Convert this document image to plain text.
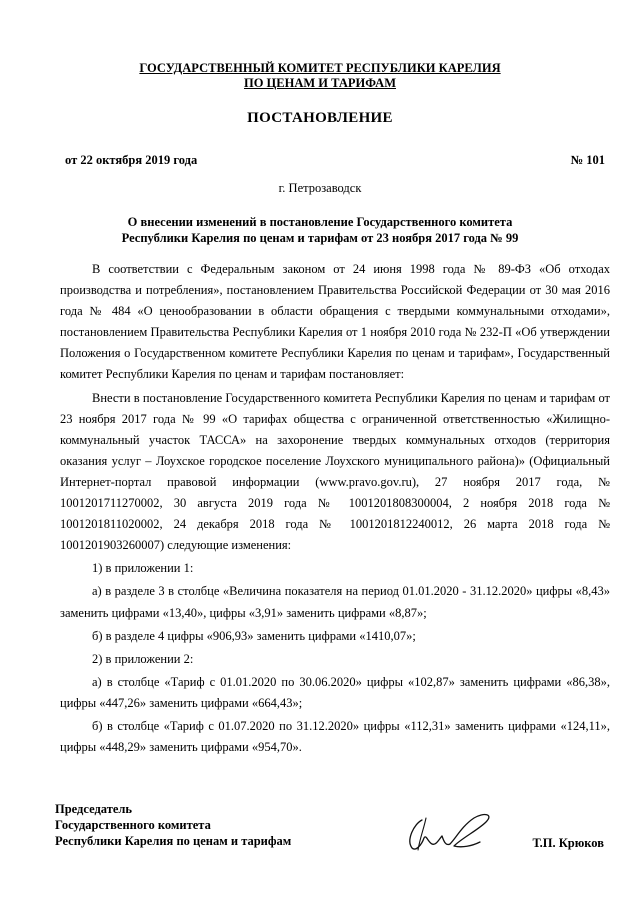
ГОСУДАРСТВЕННЫЙ КОМИТЕТ РЕСПУБЛИКИ КАРЕЛИЯ
ПО ЦЕНАМ И ТАРИФАМ
ПОСТАНОВЛЕНИЕ
от 22 октября 2019 года	№ 101
г. Петрозаводск
О внесении изменений в постановление Государственного комитета
Республики Карелия по ценам и тарифам от 23 ноября 2017 года № 99

В соответствии с Федеральным законом от 24 июня 1998 года № 89-ФЗ «Об отходах производства и потребления», постановлением Правительства Российской Федерации от 30 мая 2016 года № 484 «О ценообразовании в области обращения с твердыми коммунальными отходами», постановлением Правительства Республики Карелия от 1 ноября 2010 года № 232-П «Об утверждении Положения о Государственном комитете Республики Карелия по ценам и тарифам», Государственный комитет Республики Карелия по ценам и тарифам постановляет:

Внести в постановление Государственного комитета Республики Карелия по ценам и тарифам от 23 ноября 2017 года № 99 «О тарифах общества с ограниченной ответственностью «Жилищно-коммунальный участок ТАССА» на захоронение твердых коммунальных отходов (территория оказания услуг – Лоухское городское поселение Лоухского муниципального района)» (Официальный Интернет-портал правовой информации (www.pravo.gov.ru), 27 ноября 2017 года, № 1001201711270002, 30 августа 2019 года № 1001201808300004, 2 ноября 2018 года № 1001201811020002, 24 декабря 2018 года № 1001201812240012, 26 марта 2018 года № 1001201903260007) следующие изменения:

1) в приложении 1:

а) в разделе 3 в столбце «Величина показателя на период 01.01.2020 - 31.12.2020» цифры «8,43» заменить цифрами «13,40», цифры «3,91» заменить цифрами «8,87»;

б) в разделе 4 цифры «906,93» заменить цифрами «1410,07»;

2) в приложении 2:

а) в столбце «Тариф с 01.01.2020 по 30.06.2020» цифры «102,87» заменить цифрами «86,38», цифры «447,26» заменить цифрами «664,43»;

б) в столбце «Тариф с 01.07.2020 по 31.12.2020» цифры «112,31» заменить цифрами «124,11», цифры «448,29» заменить цифрами «954,70».

Председатель
Государственного комитета
Республики Карелия по ценам и тарифам	Т.П. Крюков
